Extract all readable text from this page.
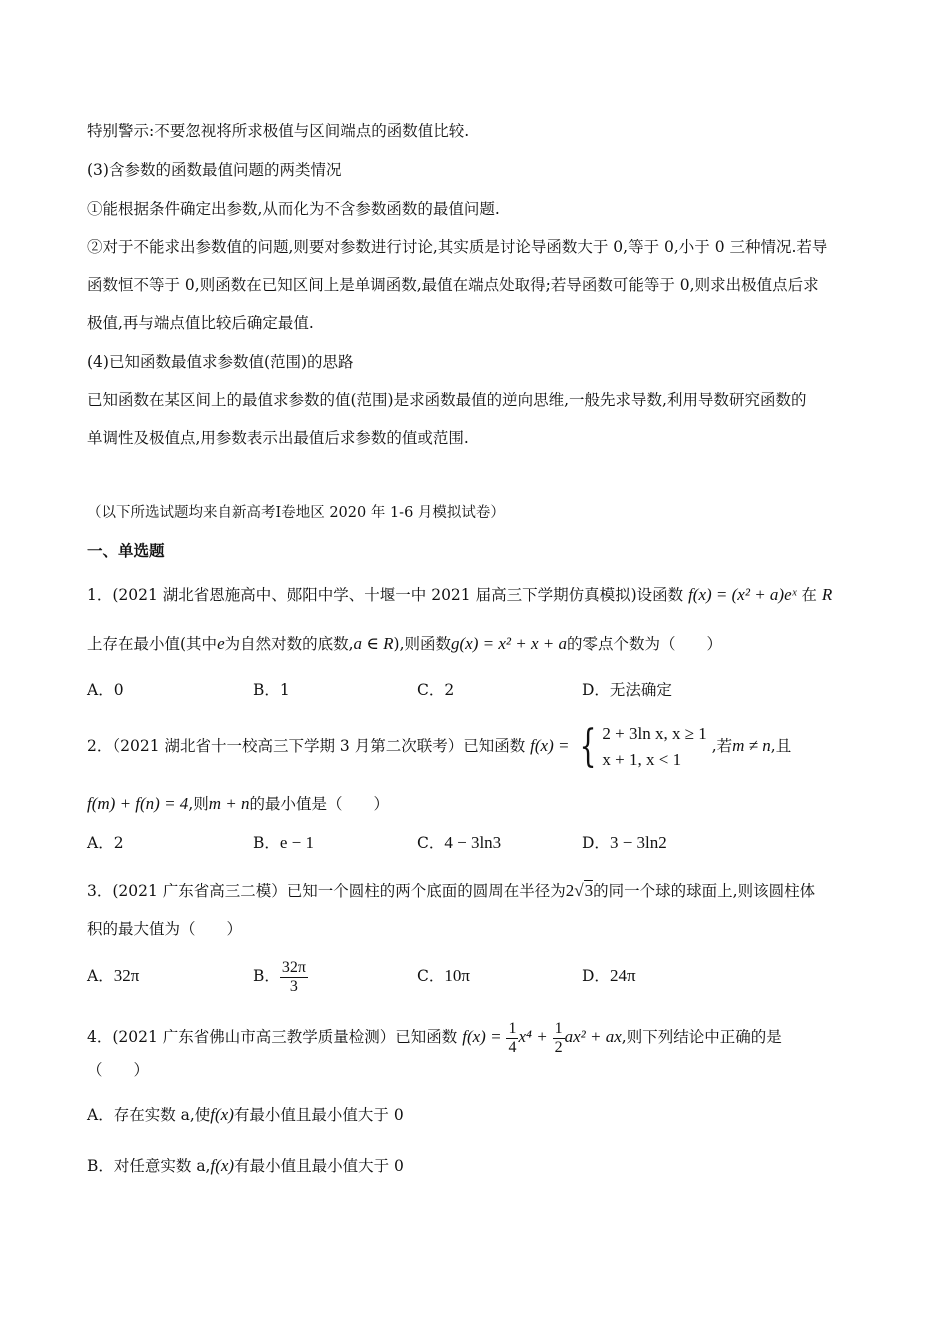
特别警示:不要忽视将所求极值与区间端点的函数值比较.
(3)含参数的函数最值问题的两类情况
①能根据条件确定出参数,从而化为不含参数函数的最值问题.
②对于不能求出参数值的问题,则要对参数进行讨论,其实质是讨论导函数大于 0,等于 0,小于 0 三种情况.若导
函数恒不等于 0,则函数在已知区间上是单调函数,最值在端点处取得;若导函数可能等于 0,则求出极值点后求
极值,再与端点值比较后确定最值.
(4)已知函数最值求参数值(范围)的思路
已知函数在某区间上的最值求参数的值(范围)是求函数最值的逆向思维,一般先求导数,利用导数研究函数的
单调性及极值点,用参数表示出最值后求参数的值或范围.
（以下所选试题均来自新高考Ⅰ卷地区 2020 年 1-6 月模拟试卷）
一、单选题
1．(2021 湖北省恩施高中、郧阳中学、十堰一中 2021 届高三下学期仿真模拟)设函数 f(x) = (x² + a)eˣ 在 R
上存在最小值(其中e为自然对数的底数,a ∈ R),则函数g(x) = x² + x + a的零点个数为（　　）
A．0	B．1	C．2	D．无法确定
2．（2021 湖北省十一校高三下学期 3 月第二次联考）已知函数 f(x) = { 2 + 3ln x, x ≥ 1
x + 1, x < 1
,若m ≠ n,且
f(m) + f(n) = 4,则m + n的最小值是（　　）
A．2	B．e − 1	C．4 − 3ln3	D．3 − 3ln2
3．(2021 广东省高三二模）已知一个圆柱的两个底面的圆周在半径为2√3的同一个球的球面上,则该圆柱体
积的最大值为（　　）
A．32π	B． $\frac{32\pi}{3}$	C．10π	D．24π
4．(2021 广东省佛山市高三教学质量检测）已知函数 $f(x) = \frac{1}{4} x^4 + \frac{1}{2} ax^2$ + ax,则下列结论中正确的是
（　　）
A．存在实数 a,使f(x)有最小值且最小值大于 0
B．对任意实数 a,f(x)有最小值且最小值大于 0
